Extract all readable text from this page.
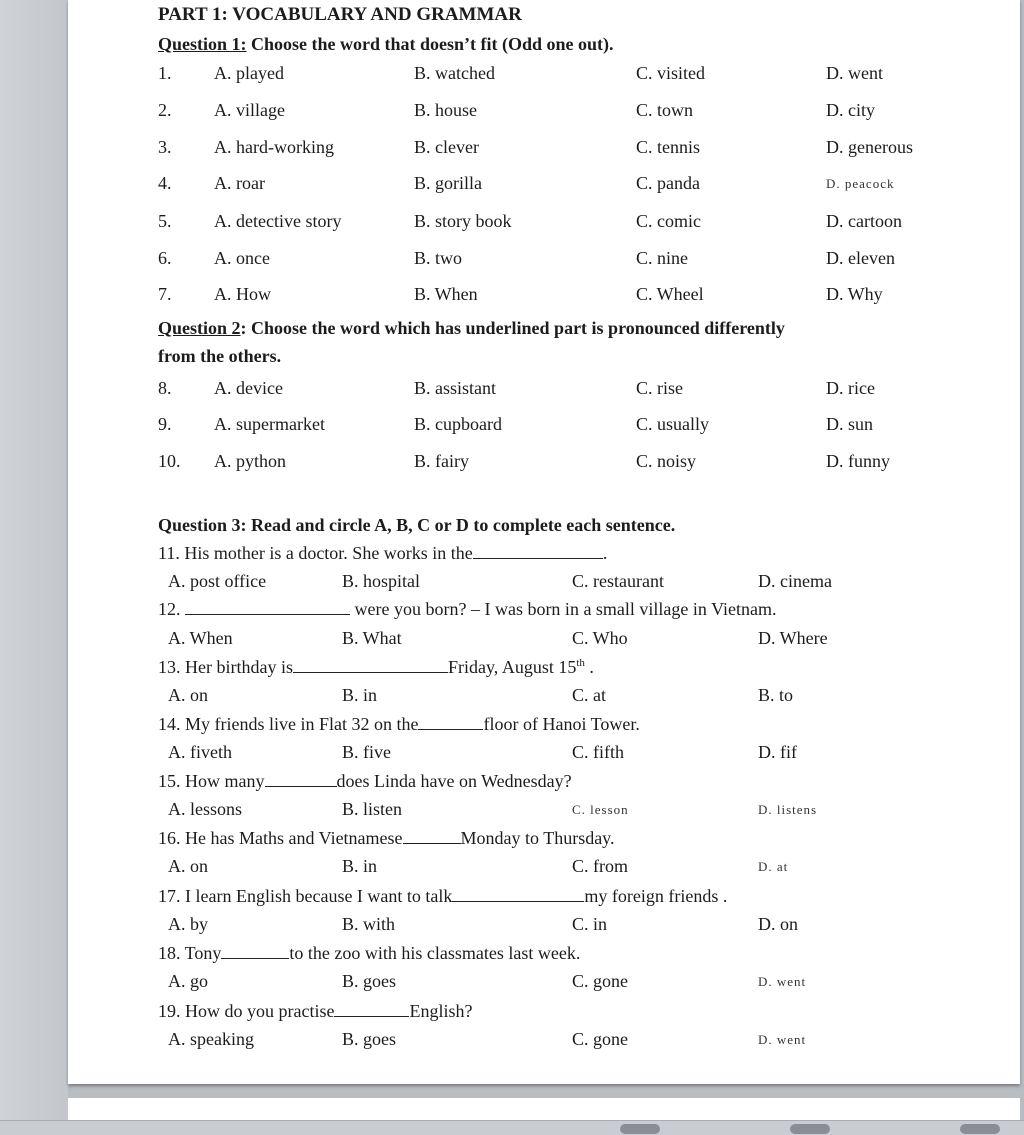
PART 1: VOCABULARY AND GRAMMAR
Question 1: Choose the word that doesn’t fit (Odd one out).
1. A. played	B. watched	C. visited	D. went
2. A. village	B. house	C. town	D. city
3. A. hard-working	B. clever	C. tennis	D. generous
4. A. roar	B. gorilla	C. panda	D. peacock
5. A. detective story	B. story book	C. comic	D. cartoon
6. A. once	B. two	C. nine	D. eleven
7. A. How	B. When	C. Wheel	D. Why
Question 2: Choose the word which has underlined part is pronounced differently
from the others.
8. A. device	B. assistant	C. rise	D. rice
9. A. supermarket	B. cupboard	C. usually	D. sun
10. A. python	B. fairy	C. noisy	D. funny
Question 3: Read and circle A, B, C or D to complete each sentence.
11. His mother is a doctor. She works in the	.
A. post office	B. hospital	C. restaurant	D. cinema
12.	were you born? – I was born in a small village in Vietnam.
A. When	B. What	C. Who	D. Where
13. Her birthday is	Friday, August 15th .
A. on	B. in	C. at	B. to
14. My friends live in Flat 32 on the	floor of Hanoi Tower.
A. fiveth	B. five	C. fifth	D. fif
15. How many	does Linda have on Wednesday?
A. lessons	B. listen	C. lesson	D. listens
16. He has Maths and Vietnamese	Monday to Thursday.
A. on	B. in	C. from	D. at
17. I learn English because I want to talk	my foreign friends .
A. by	B. with	C. in	D. on
18. Tony	to the zoo with his classmates last week.
A. go	B. goes	C. gone	D. went
19. How do you practise	English?
A. speaking	B. goes	C. gone	D. went
